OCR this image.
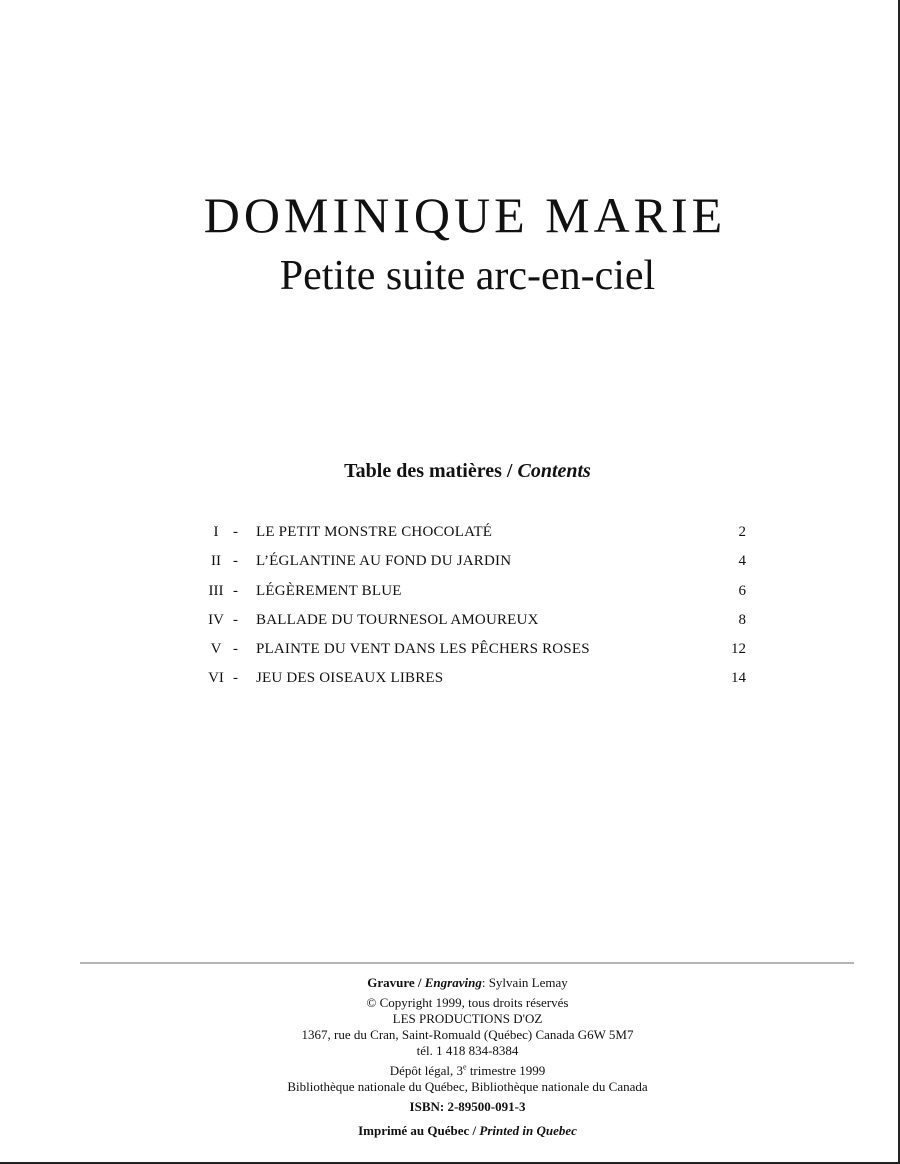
DOMINIQUE MARIE
Petite suite arc-en-ciel
Table des matières / Contents
I - LE PETIT MONSTRE CHOCOLATÉ	2
II - L’ÉGLANTINE AU FOND DU JARDIN	4
III - LÉGÈREMENT BLUE	6
IV - BALLADE DU TOURNESOL AMOUREUX	8
V - PLAINTE DU VENT DANS LES PÊCHERS ROSES	12
VI - JEU DES OISEAUX LIBRES	14
Gravure / Engraving: Sylvain Lemay
© Copyright 1999, tous droits réservés
LES PRODUCTIONS D'OZ
1367, rue du Cran, Saint-Romuald (Québec) Canada G6W 5M7
tél. 1 418 834-8384
Dépôt légal, 3e trimestre 1999
Bibliothèque nationale du Québec, Bibliothèque nationale du Canada
ISBN: 2-89500-091-3
Imprimé au Québec / Printed in Quebec
